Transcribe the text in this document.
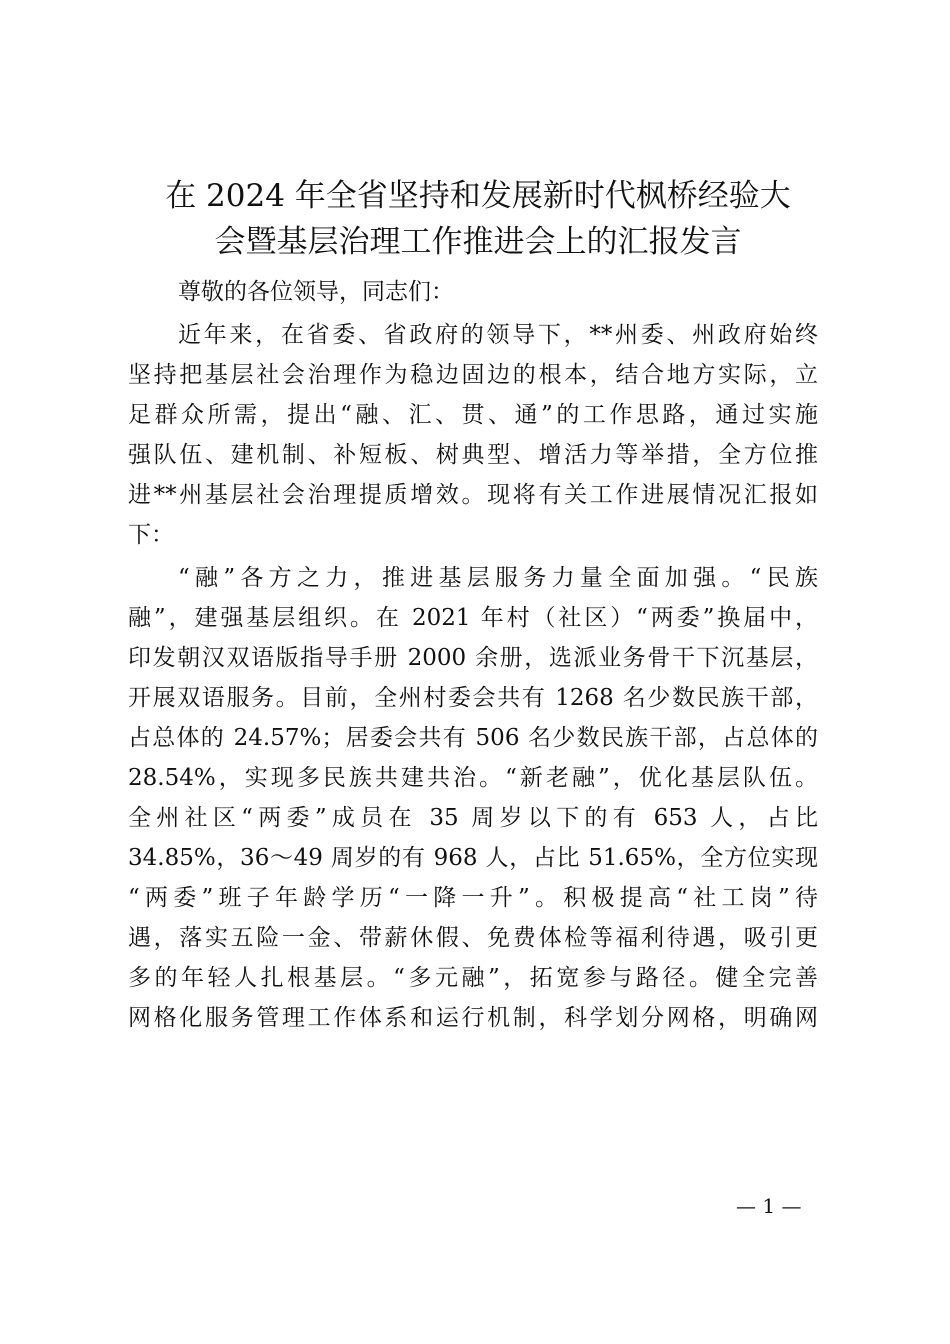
在 2024 年全省坚持和发展新时代枫桥经验大
会暨基层治理工作推进会上的汇报发言
尊敬的各位领导，同志们：
近年来，在省委、省政府的领导下，**州委、州政府始终
坚持把基层社会治理作为稳边固边的根本，结合地方实际，立
足群众所需，提出“融、汇、贯、通”的工作思路，通过实施
强队伍、建机制、补短板、树典型、增活力等举措，全方位推
进**州基层社会治理提质增效。现将有关工作进展情况汇报如
下：
“融”各方之力，推进基层服务力量全面加强。“民族
融”，建强基层组织。在 2021 年村（社区）“两委”换届中，
印发朝汉双语版指导手册 2000 余册，选派业务骨干下沉基层，
开展双语服务。目前，全州村委会共有 1268 名少数民族干部，
占总体的 24.57%；居委会共有 506 名少数民族干部，占总体的
28.54%，实现多民族共建共治。“新老融”，优化基层队伍。
全州社区“两委”成员在 35 周岁以下的有 653 人，占比
34.85%，36～49 周岁的有 968 人，占比 51.65%，全方位实现
“两委”班子年龄学历“一降一升”。积极提高“社工岗”待
遇，落实五险一金、带薪休假、免费体检等福利待遇，吸引更
多的年轻人扎根基层。“多元融”，拓宽参与路径。健全完善
网格化服务管理工作体系和运行机制，科学划分网格，明确网
— 1 —
